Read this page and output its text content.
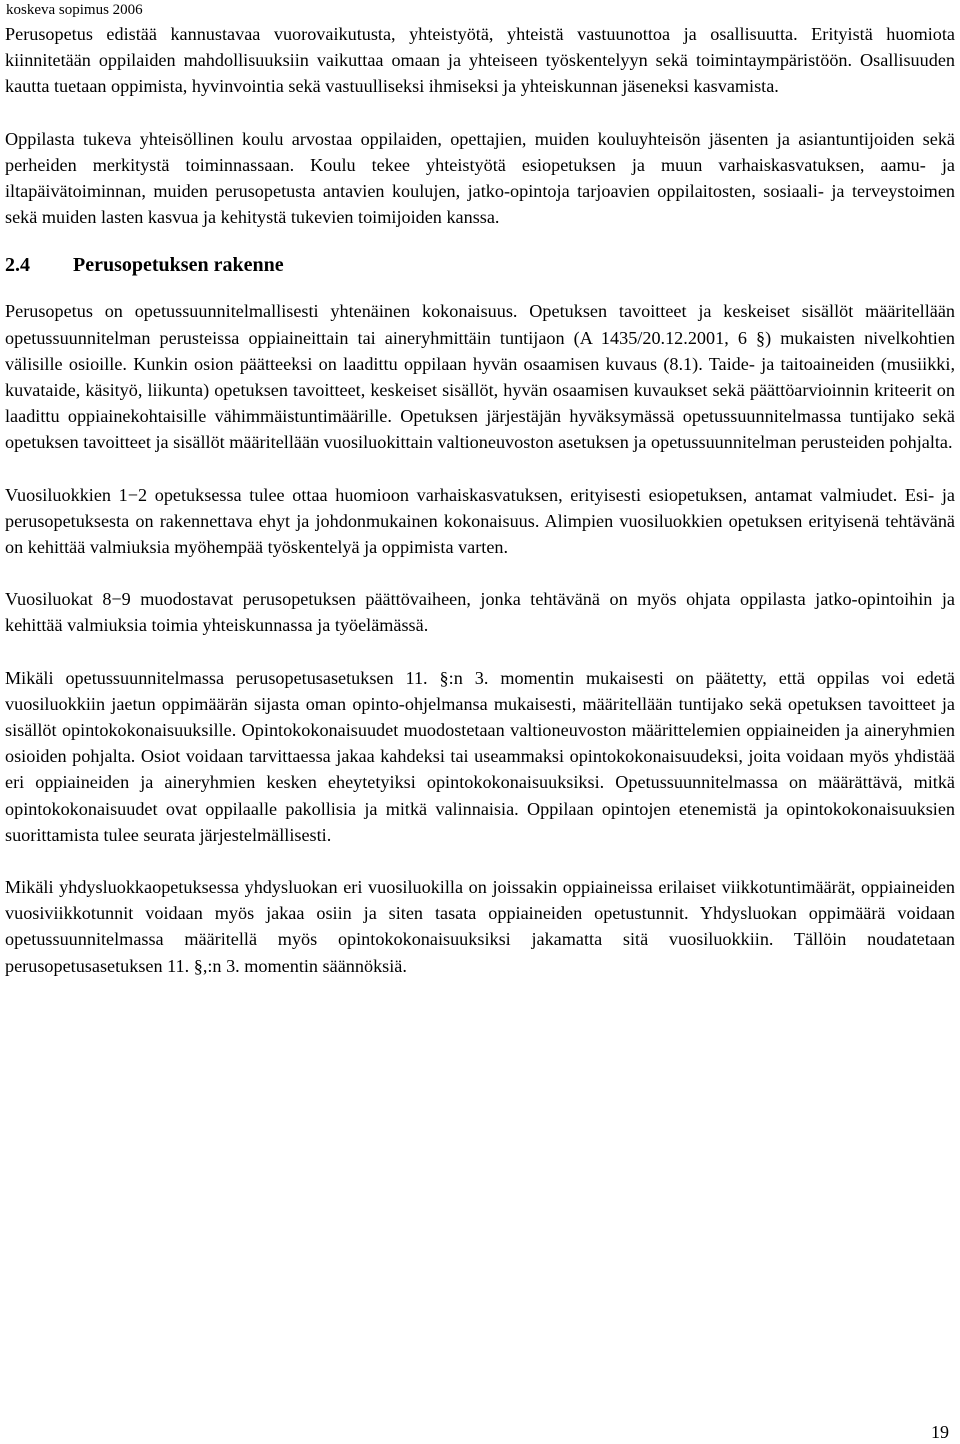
koskeva sopimus 2006

Perusopetus edistää kannustavaa vuorovaikutusta, yhteistyötä, yhteistä vastuunottoa ja osallisuutta. Erityistä huomiota kiinnitetään oppilaiden mahdollisuuksiin vaikuttaa omaan ja yhteiseen työskentelyyn sekä toimintaympäristöön. Osallisuuden kautta tuetaan oppimista, hyvinvointia sekä vastuulliseksi ihmiseksi ja yhteiskunnan jäseneksi kasvamista.

Oppilasta tukeva yhteisöllinen koulu arvostaa oppilaiden, opettajien, muiden kouluyhteisön jäsenten ja asiantuntijoiden sekä perheiden merkitystä toiminnassaan. Koulu tekee yhteistyötä esiopetuksen ja muun varhaiskasvatuksen, aamu- ja iltapäivätoiminnan, muiden perusopetusta antavien koulujen, jatko-opintoja tarjoavien oppilaitosten, sosiaali- ja terveystoimen sekä muiden lasten kasvua ja kehitystä tukevien toimijoiden kanssa.

2.4	Perusopetuksen rakenne

Perusopetus on opetussuunnitelmallisesti yhtenäinen kokonaisuus. Opetuksen tavoitteet ja keskeiset sisällöt määritellään opetussuunnitelman perusteissa oppiaineittain tai aineryhmittäin tuntijaon (A 1435/20.12.2001, 6 §) mukaisten nivelkohtien välisille osioille. Kunkin osion päätteeksi on laadittu oppilaan hyvän osaamisen kuvaus (8.1). Taide- ja taitoaineiden (musiikki, kuvataide, käsityö, liikunta) opetuksen tavoitteet, keskeiset sisällöt, hyvän osaamisen kuvaukset sekä päättöarvioinnin kriteerit on laadittu oppiainekohtaisille vähimmäistuntimäärille. Opetuksen järjestäjän hyväksymässä opetussuunnitelmassa tuntijako sekä opetuksen tavoitteet ja sisällöt määritellään vuosiluokittain valtioneuvoston asetuksen ja opetussuunnitelman perusteiden pohjalta.

Vuosiluokkien 1−2 opetuksessa tulee ottaa huomioon varhaiskasvatuksen, erityisesti esiopetuksen, antamat valmiudet. Esi- ja perusopetuksesta on rakennettava ehyt ja johdonmukainen kokonaisuus. Alimpien vuosiluokkien opetuksen erityisenä tehtävänä on kehittää valmiuksia myöhempää työskentelyä ja oppimista varten.

Vuosiluokat 8−9 muodostavat perusopetuksen päättövaiheen, jonka tehtävänä on myös ohjata oppilasta jatko-opintoihin ja kehittää valmiuksia toimia yhteiskunnassa ja työelämässä.

Mikäli opetussuunnitelmassa perusopetusasetuksen 11. §:n 3. momentin mukaisesti on päätetty, että oppilas voi edetä vuosiluokkiin jaetun oppimäärän sijasta oman opinto-ohjelmansa mukaisesti, määritellään tuntijako sekä opetuksen tavoitteet ja sisällöt opintokokonaisuuksille. Opintokokonaisuudet muodostetaan valtioneuvoston määrittelemien oppiaineiden ja aineryhmien osioiden pohjalta. Osiot voidaan tarvittaessa jakaa kahdeksi tai useammaksi opintokokonaisuudeksi, joita voidaan myös yhdistää eri oppiaineiden ja aineryhmien kesken eheytetyiksi opintokokonaisuuksiksi. Opetussuunnitelmassa on määrättävä, mitkä opintokokonaisuudet ovat oppilaalle pakollisia ja mitkä valinnaisia. Oppilaan opintojen etenemistä ja opintokokonaisuuksien suorittamista tulee seurata järjestelmällisesti.

Mikäli yhdysluokkaopetuksessa yhdysluokan eri vuosiluokilla on joissakin oppiaineissa erilaiset viikkotuntimäärät, oppiaineiden vuosiviikkotunnit voidaan myös jakaa osiin ja siten tasata oppiaineiden opetustunnit. Yhdysluokan oppimäärä voidaan opetussuunnitelmassa määritellä myös opintokokonaisuuksiksi jakamatta sitä vuosiluokkiin. Tällöin noudatetaan perusopetusasetuksen 11. §,:n 3. momentin säännöksiä.

19
